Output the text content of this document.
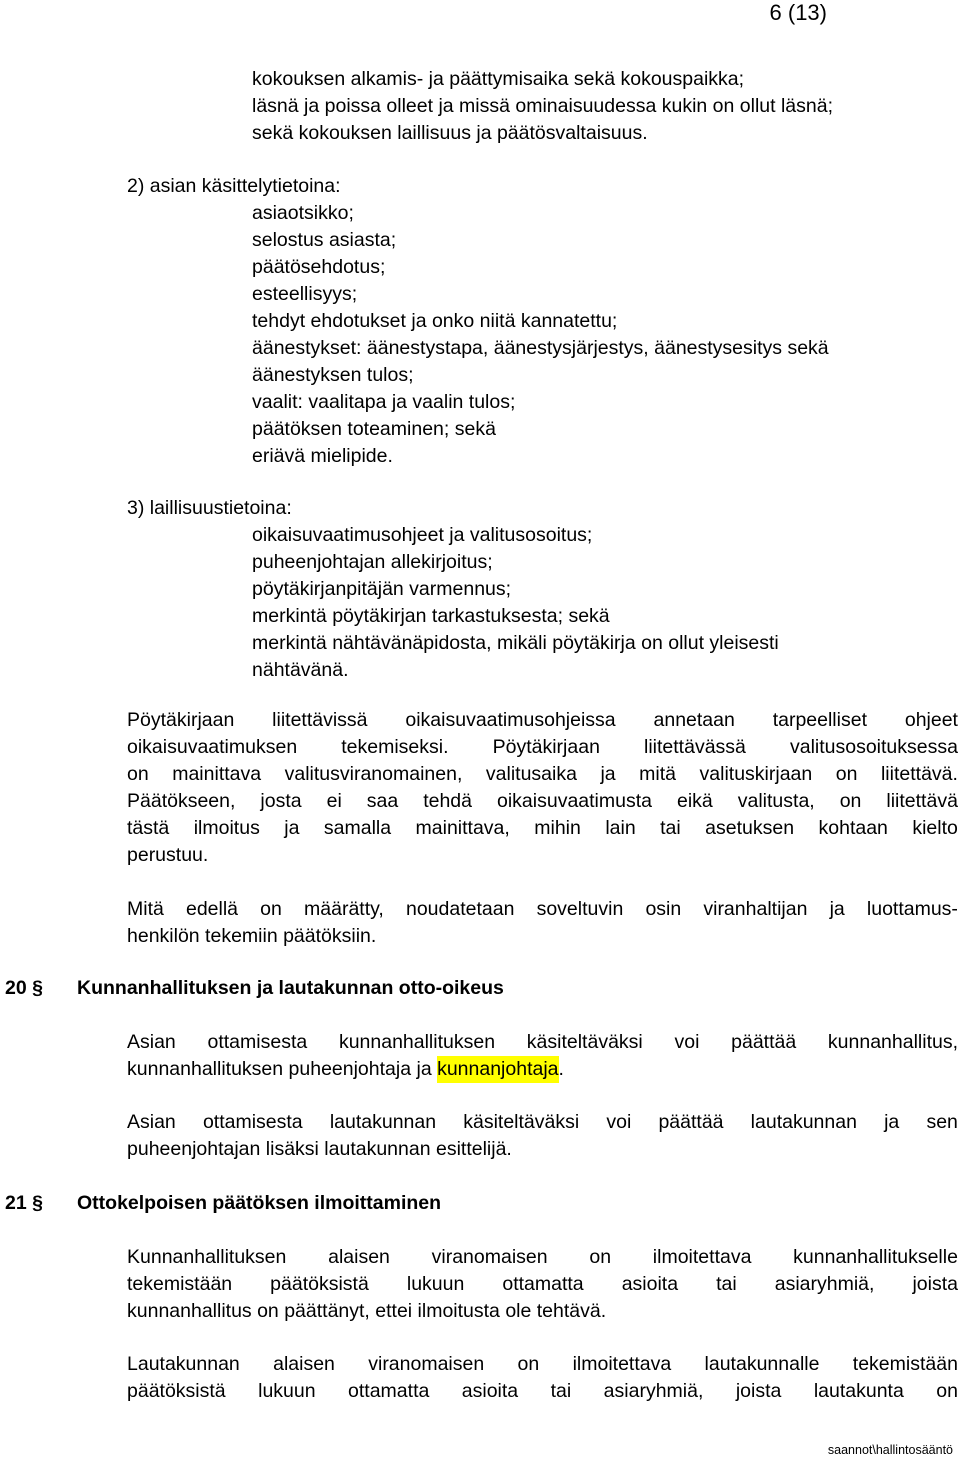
6 (13)
kokouksen alkamis- ja päättymisaika sekä kokouspaikka;
läsnä ja poissa olleet ja missä ominaisuudessa kukin on ollut läsnä;
sekä kokouksen laillisuus ja päätösvaltaisuus.
2) asian käsittelytietoina:
asiaotsikko;
selostus asiasta;
päätösehdotus;
esteellisyys;
tehdyt ehdotukset ja onko niitä kannatettu;
äänestykset: äänestystapa, äänestysjärjestys, äänestysesitys sekä
äänestyksen tulos;
vaalit: vaalitapa ja vaalin tulos;
päätöksen toteaminen; sekä
eriävä mielipide.
3) laillisuustietoina:
oikaisuvaatimusohjeet ja valitusosoitus;
puheenjohtajan allekirjoitus;
pöytäkirjanpitäjän varmennus;
merkintä pöytäkirjan tarkastuksesta; sekä
merkintä nähtävänäpidosta, mikäli pöytäkirja on ollut yleisesti
nähtävänä.
Pöytäkirjaan liitettävissä oikaisuvaatimusohjeissa annetaan tarpeelliset ohjeet
oikaisuvaatimuksen tekemiseksi. Pöytäkirjaan liitettävässä valitusosoituksessa
on mainittava valitusviranomainen, valitusaika ja mitä valituskirjaan on liitettävä.
Päätökseen, josta ei saa tehdä oikaisuvaatimusta eikä valitusta, on liitettävä
tästä ilmoitus ja samalla mainittava, mihin lain tai asetuksen kohtaan kielto
perustuu.
Mitä edellä on määrätty, noudatetaan soveltuvin osin viranhaltijan ja luottamus-
henkilön tekemiin päätöksiin.
20 § Kunnanhallituksen ja lautakunnan otto-oikeus
Asian ottamisesta kunnanhallituksen käsiteltäväksi voi päättää kunnanhallitus,
kunnanhallituksen puheenjohtaja ja kunnanjohtaja .
Asian ottamisesta lautakunnan käsiteltäväksi voi päättää lautakunnan ja sen
puheenjohtajan lisäksi lautakunnan esittelijä.
21 § Ottokelpoisen päätöksen ilmoittaminen
Kunnanhallituksen alaisen viranomaisen on ilmoitettava kunnanhallitukselle
tekemistään päätöksistä lukuun ottamatta asioita tai asiaryhmiä, joista
kunnanhallitus on päättänyt, ettei ilmoitusta ole tehtävä.
Lautakunnan alaisen viranomaisen on ilmoitettava lautakunnalle tekemistään
päätöksistä lukuun ottamatta asioita tai asiaryhmiä, joista lautakunta on
saannot\hallintosääntö
